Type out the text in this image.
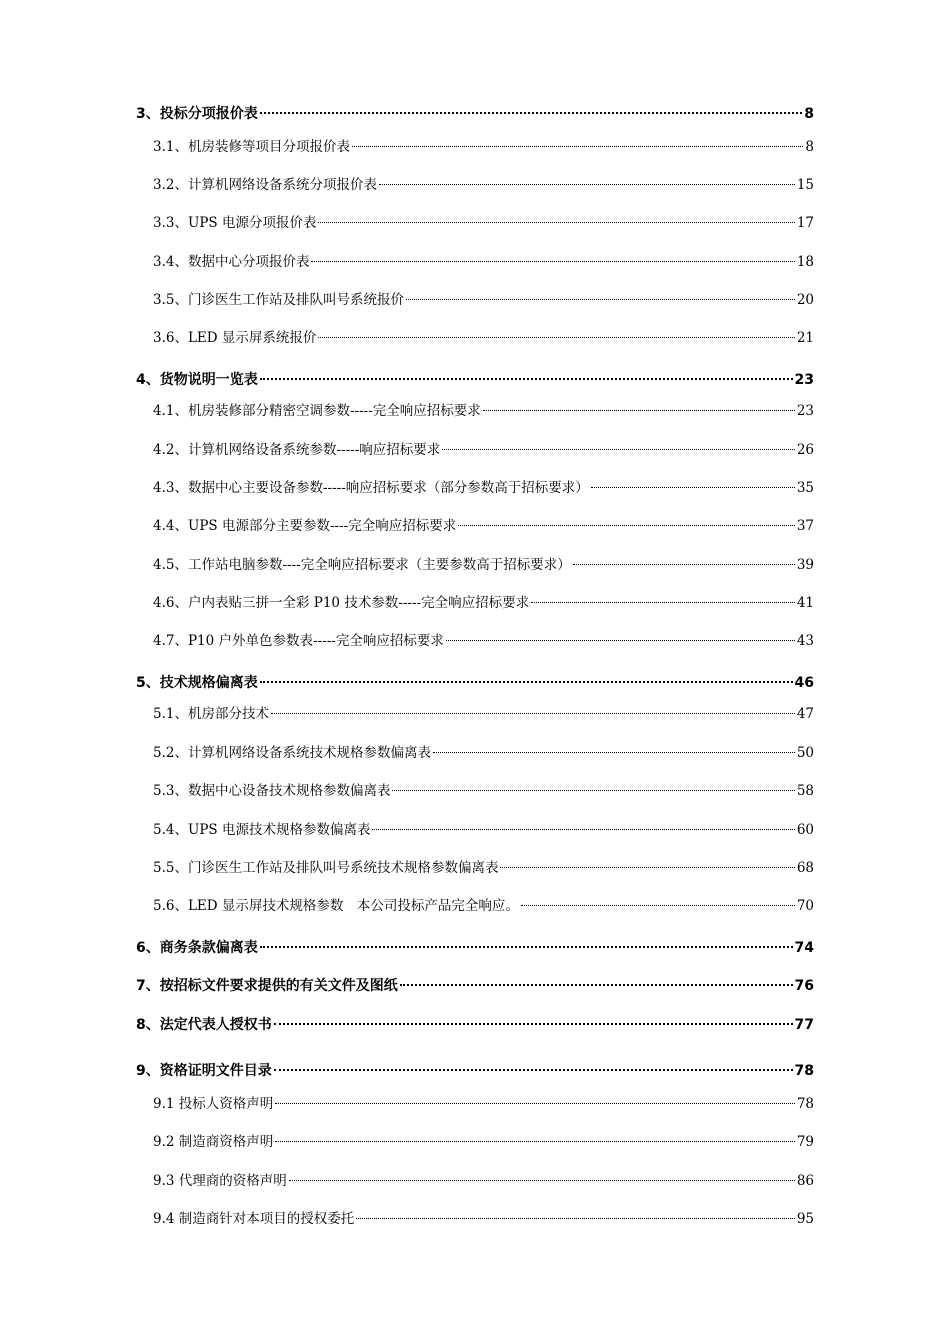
3、投标分项报价表	8
3.1、机房装修等项目分项报价表	8
3.2、计算机网络设备系统分项报价表	15
3.3、UPS 电源分项报价表	17
3.4、数据中心分项报价表	18
3.5、门诊医生工作站及排队叫号系统报价	20
3.6、LED 显示屏系统报价	21
4、货物说明一览表	23
4.1、机房装修部分精密空调参数-----完全响应招标要求	23
4.2、计算机网络设备系统参数-----响应招标要求	26
4.3、数据中心主要设备参数-----响应招标要求（部分参数高于招标要求）	35
4.4、UPS 电源部分主要参数----完全响应招标要求	37
4.5、工作站电脑参数----完全响应招标要求（主要参数高于招标要求）	39
4.6、户内表贴三拼一全彩 P10 技术参数-----完全响应招标要求	41
4.7、P10 户外单色参数表-----完全响应招标要求	43
5、技术规格偏离表	46
5.1、机房部分技术	47
5.2、计算机网络设备系统技术规格参数偏离表	50
5.3、数据中心设备技术规格参数偏离表	58
5.4、UPS 电源技术规格参数偏离表	60
5.5、门诊医生工作站及排队叫号系统技术规格参数偏离表	68
5.6、LED 显示屏技术规格参数　本公司投标产品完全响应。	70
6、商务条款偏离表	74
7、按招标文件要求提供的有关文件及图纸	76
8、法定代表人授权书	77
9、资格证明文件目录	78
9.1 投标人资格声明	78
9.2 制造商资格声明	79
9.3 代理商的资格声明	86
9.4 制造商针对本项目的授权委托	95
